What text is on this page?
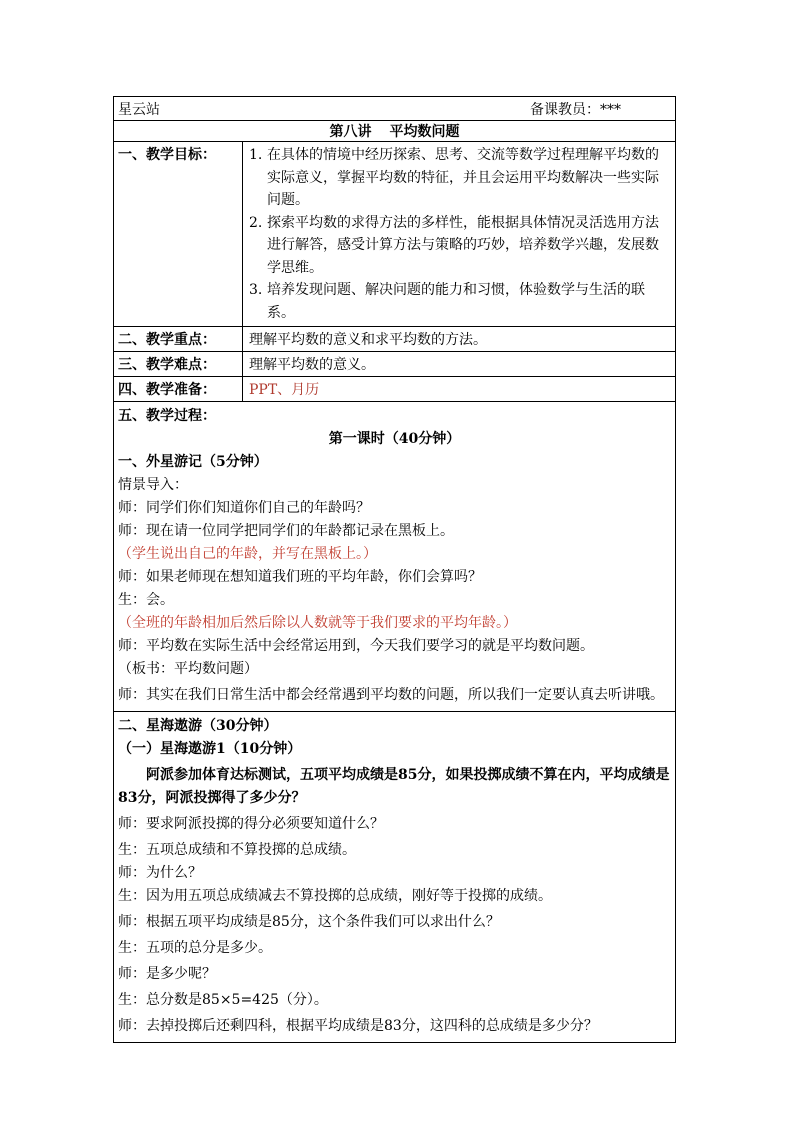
星云站	备课教员：***
第八讲 平均数问题
一、教学目标：	1. 在具体的情境中经历探索、思考、交流等数学过程理解平均数的实际意义，掌握平均数的特征，并且会运用平均数解决一些实际问题。
2. 探索平均数的求得方法的多样性，能根据具体情况灵活选用方法进行解答，感受计算方法与策略的巧妙，培养数学兴趣，发展数学思维。
3. 培养发现问题、解决问题的能力和习惯，体验数学与生活的联系。
二、教学重点：	理解平均数的意义和求平均数的方法。
三、教学难点：	理解平均数的意义。
四、教学准备：	PPT、月历
五、教学过程：
第一课时（40分钟）
一、外星游记（5分钟）
情景导入：
师：同学们你们知道你们自己的年龄吗？
师：现在请一位同学把同学们的年龄都记录在黑板上。
（学生说出自己的年龄，并写在黑板上。）
师：如果老师现在想知道我们班的平均年龄，你们会算吗？
生：会。
（全班的年龄相加后然后除以人数就等于我们要求的平均年龄。）
师：平均数在实际生活中会经常运用到，今天我们要学习的就是平均数问题。
（板书：平均数问题）
师：其实在我们日常生活中都会经常遇到平均数的问题，所以我们一定要认真去听讲哦。
二、星海遨游（30分钟）
（一）星海遨游1（10分钟）
阿派参加体育达标测试，五项平均成绩是85分，如果投掷成绩不算在内，平均成绩是83分，阿派投掷得了多少分？
师：要求阿派投掷的得分必须要知道什么？
生：五项总成绩和不算投掷的总成绩。
师：为什么？
生：因为用五项总成绩减去不算投掷的总成绩，刚好等于投掷的成绩。
师：根据五项平均成绩是85分，这个条件我们可以求出什么？
生：五项的总分是多少。
师：是多少呢？
生：总分数是85×5=425（分）。
师：去掉投掷后还剩四科，根据平均成绩是83分，这四科的总成绩是多少分？
